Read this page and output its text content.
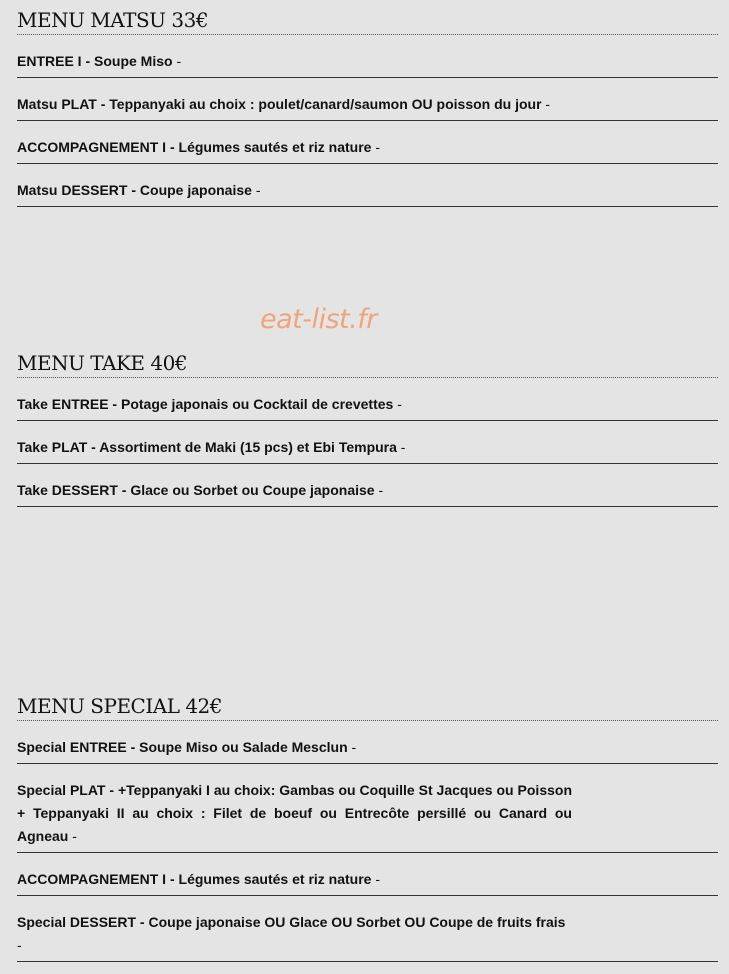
MENU MATSU 33€
ENTREE I - Soupe Miso -
Matsu PLAT - Teppanyaki au choix : poulet/canard/saumon OU poisson du jour -
ACCOMPAGNEMENT I - Légumes sautés et riz nature -
Matsu DESSERT - Coupe japonaise -
eat-list.fr
MENU TAKE 40€
Take ENTREE - Potage japonais ou Cocktail de crevettes -
Take PLAT - Assortiment de Maki (15 pcs) et Ebi Tempura -
Take DESSERT - Glace ou Sorbet ou Coupe japonaise -
MENU SPECIAL 42€
Special ENTREE - Soupe Miso ou Salade Mesclun -
Special PLAT - +Teppanyaki I au choix: Gambas ou Coquille St Jacques ou Poisson + Teppanyaki II au choix : Filet de boeuf ou Entrecôte persillé ou Canard ou Agneau -
ACCOMPAGNEMENT I - Légumes sautés et riz nature -
Special DESSERT - Coupe japonaise OU Glace OU Sorbet OU Coupe de fruits frais -
